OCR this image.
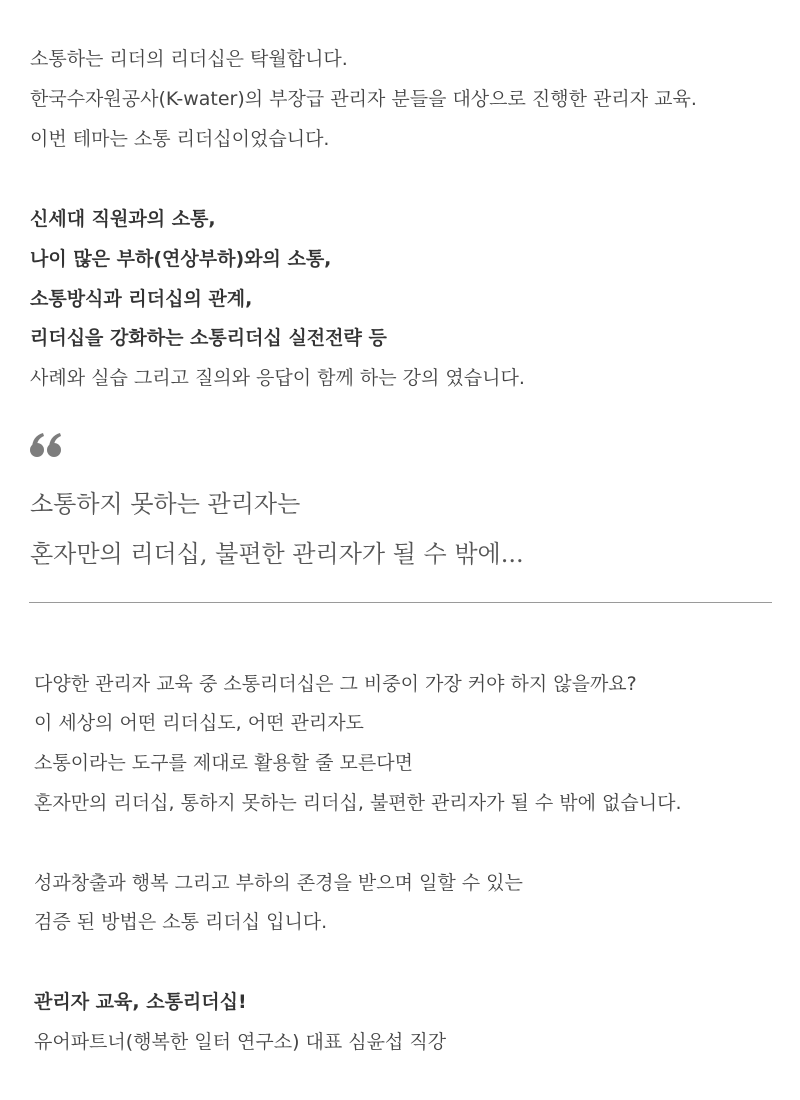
소통하는 리더의 리더십은 탁월합니다.
한국수자원공사(K-water)의 부장급 관리자 분들을 대상으로 진행한 관리자 교육.
이번 테마는 소통 리더십이었습니다.
신세대 직원과의 소통,
나이 많은 부하(연상부하)와의 소통,
소통방식과 리더십의 관계,
리더십을 강화하는 소통리더십 실전전략 등
사례와 실습 그리고 질의와 응답이 함께 하는 강의 였습니다.
소통하지 못하는 관리자는
혼자만의 리더십, 불편한 관리자가 될 수 밖에...
다양한 관리자 교육 중 소통리더십은 그 비중이 가장 커야 하지 않을까요?
이 세상의 어떤 리더십도, 어떤 관리자도
소통이라는 도구를 제대로 활용할 줄 모른다면
혼자만의 리더십, 통하지 못하는 리더십, 불편한 관리자가 될 수 밖에 없습니다.
성과창출과 행복 그리고 부하의 존경을 받으며 일할 수 있는
검증 된 방법은 소통 리더십 입니다.
관리자 교육, 소통리더십!
유어파트너(행복한 일터 연구소) 대표 심윤섭 직강
